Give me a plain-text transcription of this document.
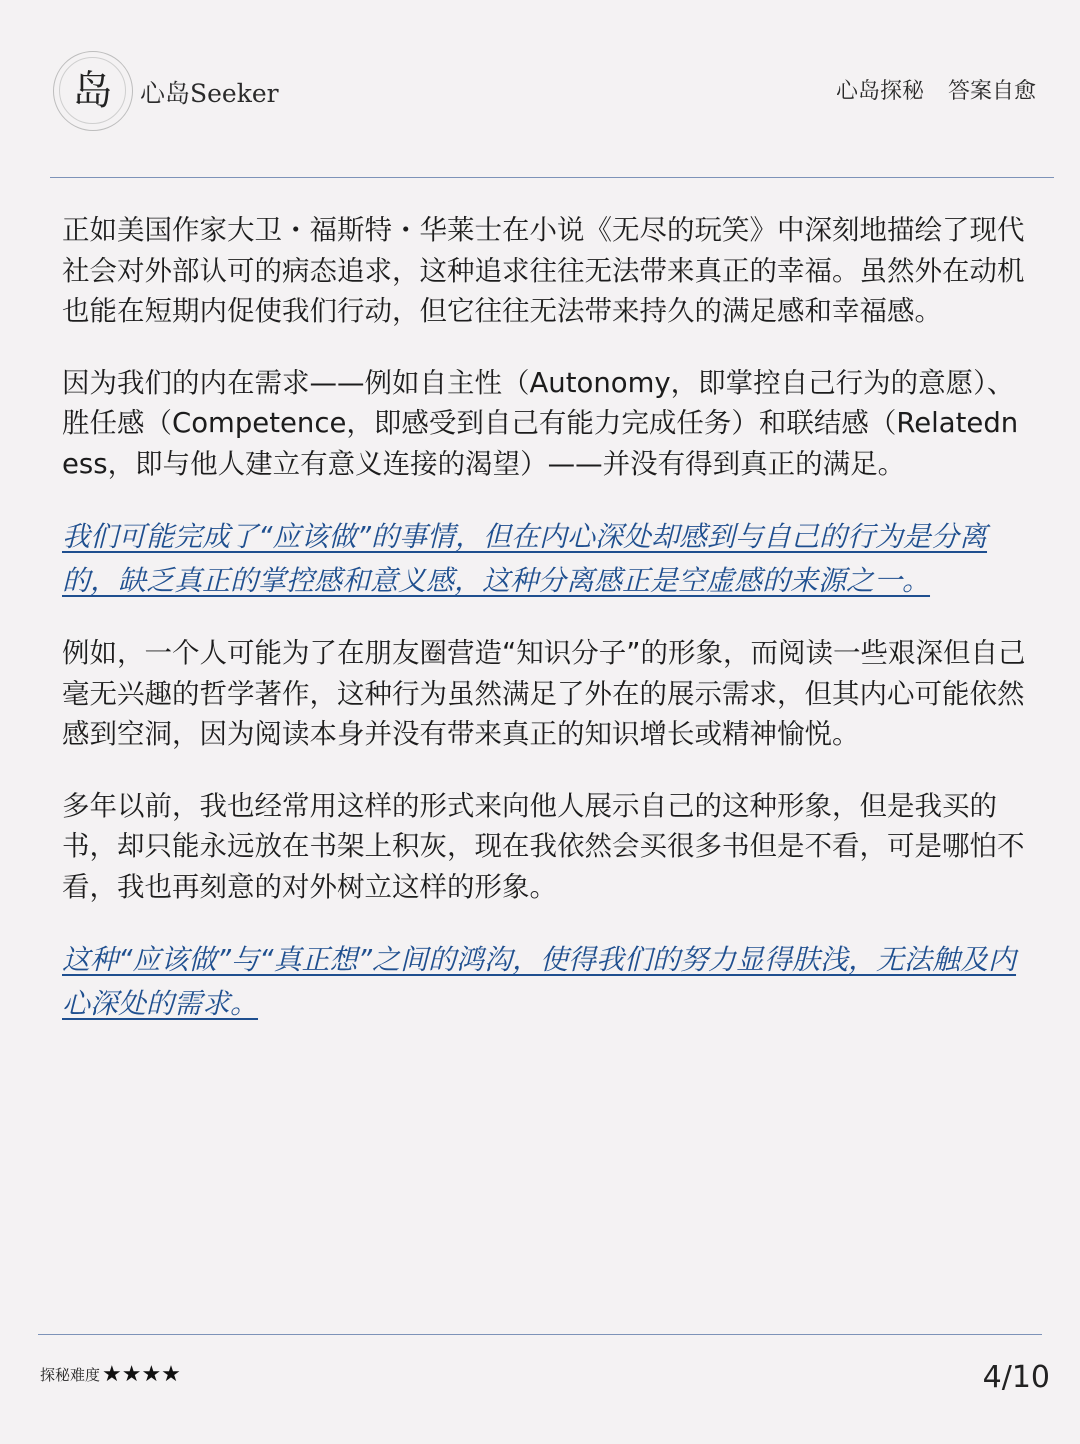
岛 心岛Seeker	心岛探秘 答案自愈

正如美国作家大卫・福斯特・华莱士在小说《无尽的玩笑》中深刻地描绘了现代社会对外部认可的病态追求，这种追求往往无法带来真正的幸福。虽然外在动机也能在短期内促使我们行动，但它往往无法带来持久的满足感和幸福感。

因为我们的内在需求——例如自主性（Autonomy，即掌控自己行为的意愿）、胜任感（Competence，即感受到自己有能力完成任务）和联结感（Relatedness，即与他人建立有意义连接的渴望）——并没有得到真正的满足。

我们可能完成了“应该做”的事情，但在内心深处却感到与自己的行为是分离的，缺乏真正的掌控感和意义感，这种分离感正是空虚感的来源之一。

例如，一个人可能为了在朋友圈营造“知识分子”的形象，而阅读一些艰深但自己毫无兴趣的哲学著作，这种行为虽然满足了外在的展示需求，但其内心可能依然感到空洞，因为阅读本身并没有带来真正的知识增长或精神愉悦。

多年以前，我也经常用这样的形式来向他人展示自己的这种形象，但是我买的书，却只能永远放在书架上积灰，现在我依然会买很多书但是不看，可是哪怕不看，我也再刻意的对外树立这样的形象。

这种“应该做”与“真正想”之间的鸿沟，使得我们的努力显得肤浅，无法触及内心深处的需求。

探秘难度 ★★★★	4/10
